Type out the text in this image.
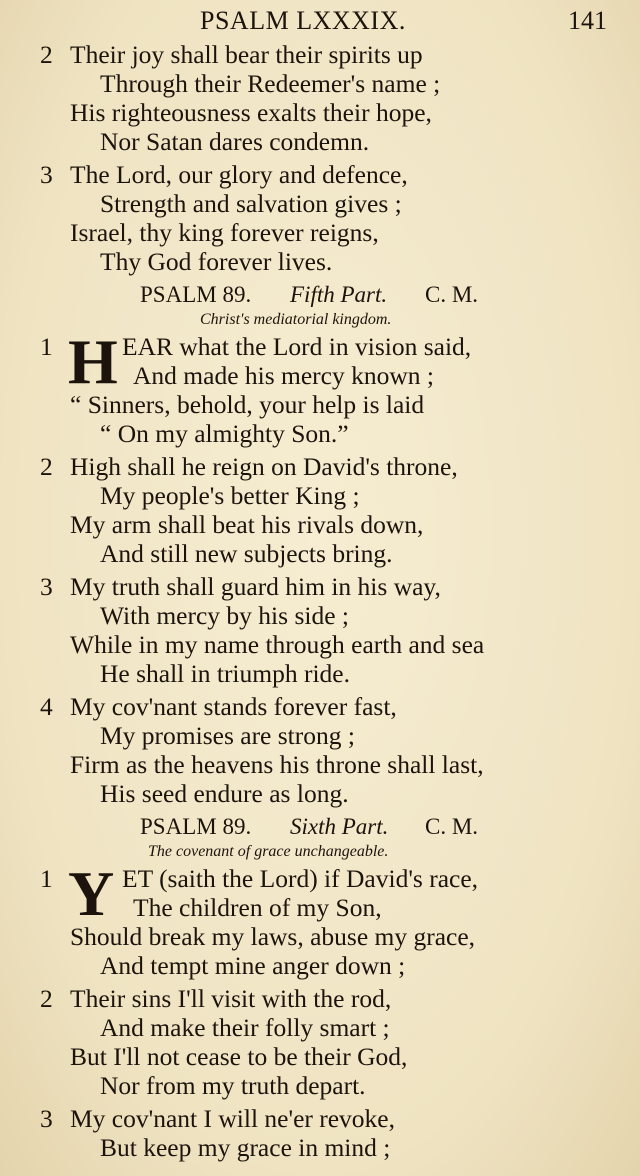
PSALM LXXXIX.	141
2 Their joy shall bear their spirits up
Through their Redeemer's name ;
His righteousness exalts their hope,
Nor Satan dares condemn.
3 The Lord, our glory and defence,
Strength and salvation gives ;
Israel, thy king forever reigns,
Thy God forever lives.
PSALM 89. Fifth Part. C. M.
Christ's mediatorial kingdom.
1 H EAR what the Lord in vision said,
And made his mercy known ;
“ Sinners, behold, your help is laid
“ On my almighty Son.”
2 High shall he reign on David's throne,
My people's better King ;
My arm shall beat his rivals down,
And still new subjects bring.
3 My truth shall guard him in his way,
With mercy by his side ;
While in my name through earth and sea
He shall in triumph ride.
4 My cov'nant stands forever fast,
My promises are strong ;
Firm as the heavens his throne shall last,
His seed endure as long.
PSALM 89. Sixth Part. C. M.
The covenant of grace unchangeable.
1 Y ET (saith the Lord) if David's race,
The children of my Son,
Should break my laws, abuse my grace,
And tempt mine anger down ;
2 Their sins I'll visit with the rod,
And make their folly smart ;
But I'll not cease to be their God,
Nor from my truth depart.
3 My cov'nant I will ne'er revoke,
But keep my grace in mind ;
